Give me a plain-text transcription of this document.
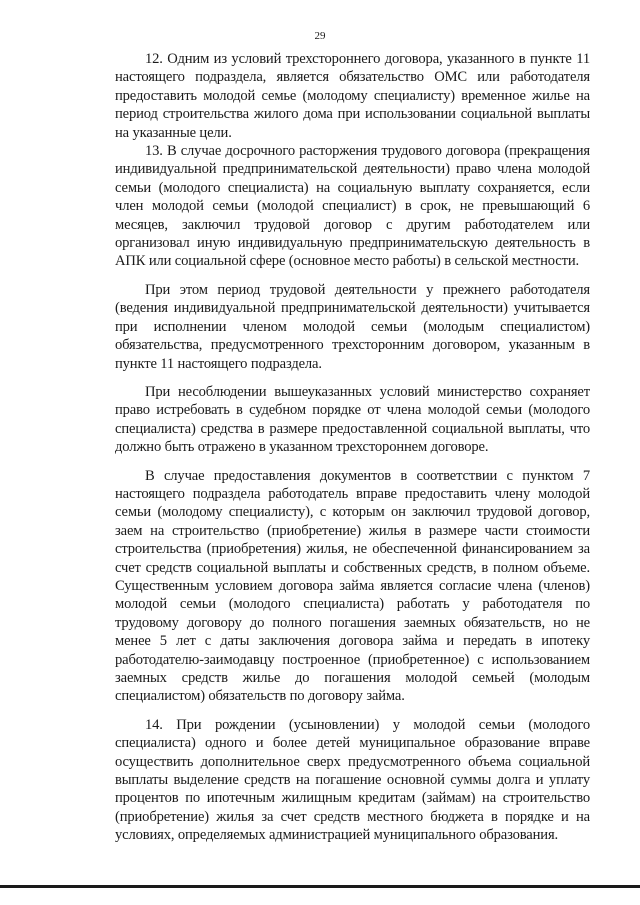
29

12. Одним из условий трехстороннего договора, указанного в пункте 11 настоящего подраздела, является обязательство ОМС или работодателя предоставить молодой семье (молодому специалисту) временное жилье на период строительства жилого дома при использовании социальной выплаты на указанные цели.

13. В случае досрочного расторжения трудового договора (прекращения индивидуальной предпринимательской деятельности) право члена молодой семьи (молодого специалиста) на социальную выплату сохраняется, если член молодой семьи (молодой специалист) в срок, не превышающий 6 месяцев, заключил трудовой договор с другим работодателем или организовал иную индивидуальную предпринимательскую деятельность в АПК или социальной сфере (основное место работы) в сельской местности.

При этом период трудовой деятельности у прежнего работодателя (ведения индивидуальной предпринимательской деятельности) учитывается при исполнении членом молодой семьи (молодым специалистом) обязательства, предусмотренного трехсторонним договором, указанным в пункте 11 настоящего подраздела.

При несоблюдении вышеуказанных условий министерство сохраняет право истребовать в судебном порядке от члена молодой семьи (молодого специалиста) средства в размере предоставленной социальной выплаты, что должно быть отражено в указанном трехстороннем договоре.

В случае предоставления документов в соответствии с пунктом 7 настоящего подраздела работодатель вправе предоставить члену молодой семьи (молодому специалисту), с которым он заключил трудовой договор, заем на строительство (приобретение) жилья в размере части стоимости строительства (приобретения) жилья, не обеспеченной финансированием за счет средств социальной выплаты и собственных средств, в полном объеме. Существенным условием договора займа является согласие члена (членов) молодой семьи (молодого специалиста) работать у работодателя по трудовому договору до полного погашения заемных обязательств, но не менее 5 лет с даты заключения договора займа и передать в ипотеку работодателю-заимодавцу построенное (приобретенное) с использованием заемных средств жилье до погашения молодой семьей (молодым специалистом) обязательств по договору займа.

14. При рождении (усыновлении) у молодой семьи (молодого специалиста) одного и более детей муниципальное образование вправе осуществить дополнительное сверх предусмотренного объема социальной выплаты выделение средств на погашение основной суммы долга и уплату процентов по ипотечным жилищным кредитам (займам) на строительство (приобретение) жилья за счет средств местного бюджета в порядке и на условиях, определяемых администрацией муниципального образования.
